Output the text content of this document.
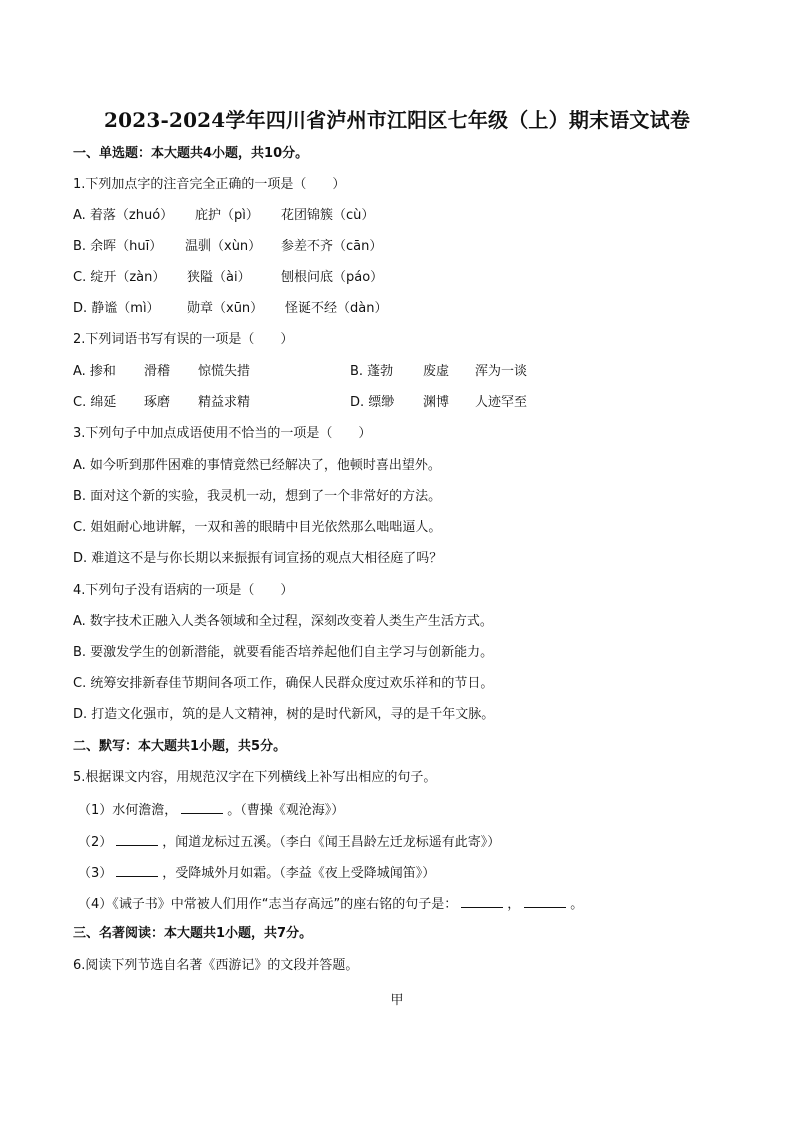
2023-2024学年四川省泸州市江阳区七年级（上）期末语文试卷
一、单选题：本大题共4小题，共10分。
1.下列加点字的注音完全正确的一项是（　　）
A. 着落（zhuó） 庇护（pì） 花团锦簇（cù）
B. 余晖（huī） 温驯（xùn） 参差不齐（cān）
C. 绽开（zàn） 狭隘（ài） 刨根问底（páo）
D. 静谧（mì） 勋章（xūn） 怪诞不经（dàn）
2.下列词语书写有误的一项是（　　）
A. 掺和 滑稽 惊慌失措	B. 蓬勃 废虚 浑为一谈
C. 绵延 琢磨 精益求精	D. 缥缈 渊博 人迹罕至
3.下列句子中加点成语使用不恰当的一项是（　　）
A. 如今听到那件困难的事情竟然已经解决了，他顿时喜出望外。
B. 面对这个新的实验，我灵机一动，想到了一个非常好的方法。
C. 姐姐耐心地讲解，一双和善的眼睛中目光依然那么咄咄逼人。
D. 难道这不是与你长期以来振振有词宣扬的观点大相径庭了吗？
4.下列句子没有语病的一项是（　　）
A. 数字技术正融入人类各领域和全过程，深刻改变着人类生产生活方式。
B. 要激发学生的创新潜能，就要看能否培养起他们自主学习与创新能力。
C. 统筹安排新春佳节期间各项工作，确保人民群众度过欢乐祥和的节日。
D. 打造文化强市，筑的是人文精神，树的是时代新风，寻的是千年文脉。
二、默写：本大题共1小题，共5分。
5.根据课文内容，用规范汉字在下列横线上补写出相应的句子。
（1）水何澹澹，	。（曹操《观沧海》）
（2）	，闻道龙标过五溪。（李白《闻王昌龄左迁龙标遥有此寄》）
（3）	，受降城外月如霜。（李益《夜上受降城闻笛》）
（4）《诫子书》中常被人们用作“志当存高远”的座右铭的句子是：	，	。
三、名著阅读：本大题共1小题，共7分。
6.阅读下列节选自名著《西游记》的文段并答题。
甲
